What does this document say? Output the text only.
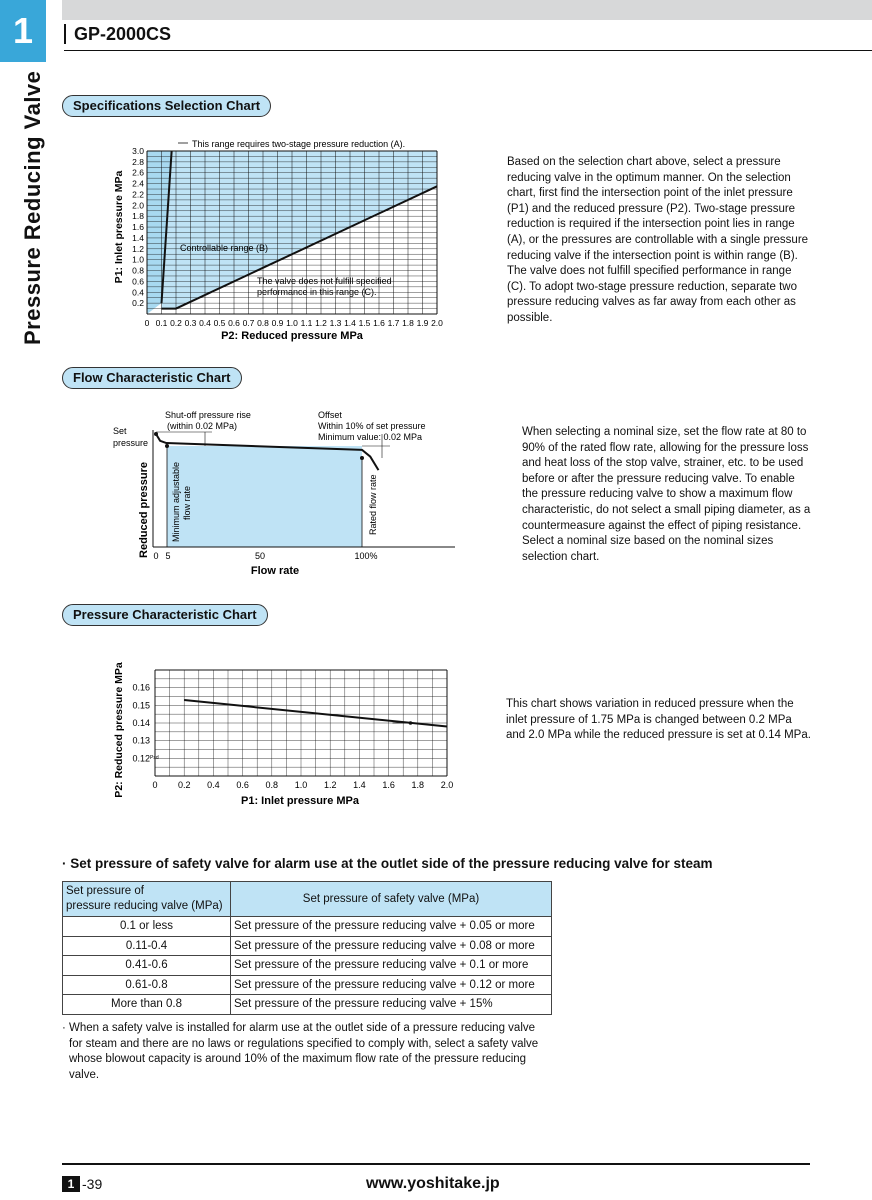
1	GP-2000CS
Pressure Reducing Valve	Specifications Selection Chart
This range requires two-stage pressure reduction (A).
Controllable range (B)
The valve does not fulfill specified
performance in this range (C).
0.2
0.4
0.6
0.8
1.0
1.2
1.4
1.6
1.8
2.0
2.2
2.4
2.6
2.8
3.0
0 0.1 0.2 0.3 0.4 0.5 0.6 0.7 0.8 0.9 1.0 1.1 1.2 1.3 1.4 1.5 1.6 1.7 1.8 1.9 2.0
P1: Inlet pressure MPa
P2: Reduced pressure MPa
Based on the selection chart above, select a pressure reducing valve in the optimum manner. On the selection chart, first find the intersection point of the inlet pressure (P1) and the reduced pressure (P2). Two-stage pressure reduction is required if the intersection point lies in range (A), or the pressures are controllable with a single pressure reducing valve if the intersection point is within range (B). The valve does not fulfill specified performance in range (C). To adopt two-stage pressure reduction, separate two pressure reducing valves as far away from each other as possible.
Flow Characteristic Chart
Set
pressure
Shut-off pressure rise
(within 0.02 MPa)
Offset
Within 10% of set pressure
Minimum value: 0.02 MPa
Minimum adjustable flow rate	Rated flow rate
0 5	50	100%
Flow rate
Reduced pressure
When selecting a nominal size, set the flow rate at 80 to 90% of the rated flow rate, allowing for the pressure loss and heat loss of the stop valve, strainer, etc. to be used before or after the pressure reducing valve. To enable the pressure reducing valve to show a maximum flow characteristic, do not select a small piping diameter, as a countermeasure against the effect of piping resistance. Select a nominal size based on the nominal sizes selection chart.
Pressure Characteristic Chart
Psd
0.12
0.13
0.14
0.15
0.16
0 0.2 0.4 0.6 0.8 1.0 1.2 1.4 1.6 1.8 2.0
P1: Inlet pressure MPa
P2: Reduced pressure MPa	This chart shows variation in reduced pressure when the inlet pressure of 1.75 MPa is changed between 0.2 MPa and 2.0 MPa while the reduced pressure is set at 0.14 MPa.
· Set pressure of safety valve for alarm use at the outlet side of the pressure reducing valve for steam
Set pressure of
pressure reducing valve (MPa)	Set pressure of safety valve (MPa)
0.1 or less	Set pressure of the pressure reducing valve + 0.05 or more
0.11-0.4	Set pressure of the pressure reducing valve + 0.08 or more
0.41-0.6	Set pressure of the pressure reducing valve + 0.1 or more
0.61-0.8	Set pressure of the pressure reducing valve + 0.12 or more
More than 0.8	Set pressure of the pressure reducing valve + 15%
· When a safety valve is installed for alarm use at the outlet side of a pressure reducing valve for steam and there are no laws or regulations specified to comply with, select a safety valve whose blowout capacity is around 10% of the maximum flow rate of the pressure reducing valve.
1 -39	www.yoshitake.jp
